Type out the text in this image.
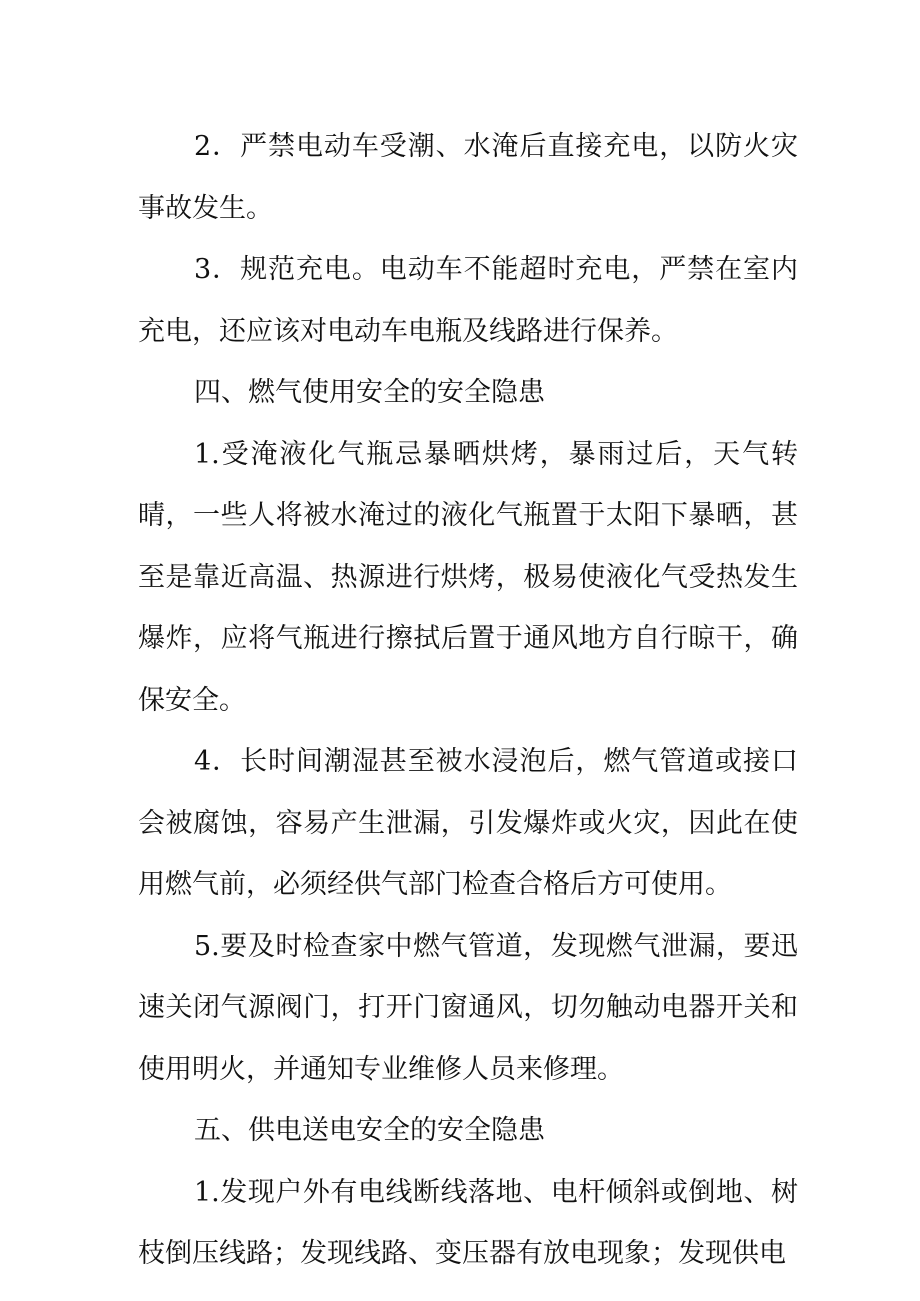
2．严禁电动车受潮、水淹后直接充电，以防火灾事故发生。

3．规范充电。电动车不能超时充电，严禁在室内充电，还应该对电动车电瓶及线路进行保养。

四、燃气使用安全的安全隐患

1.受淹液化气瓶忌暴晒烘烤，暴雨过后，天气转晴，一些人将被水淹过的液化气瓶置于太阳下暴晒，甚至是靠近高温、热源进行烘烤，极易使液化气受热发生爆炸，应将气瓶进行擦拭后置于通风地方自行晾干，确保安全。

4．长时间潮湿甚至被水浸泡后，燃气管道或接口会被腐蚀，容易产生泄漏，引发爆炸或火灾，因此在使用燃气前，必须经供气部门检查合格后方可使用。

5.要及时检查家中燃气管道，发现燃气泄漏，要迅速关闭气源阀门，打开门窗通风，切勿触动电器开关和使用明火，并通知专业维修人员来修理。

五、供电送电安全的安全隐患

1.发现户外有电线断线落地、电杆倾斜或倒地、树枝倒压线路；发现线路、变压器有放电现象；发现供电
